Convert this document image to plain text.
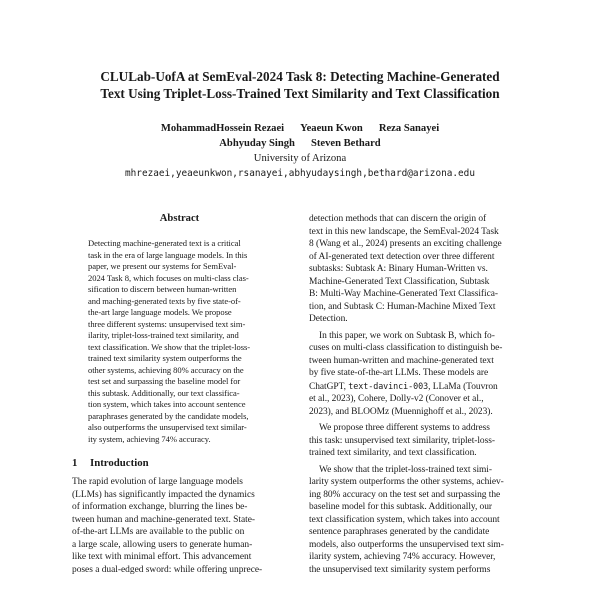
CLULab-UofA at SemEval-2024 Task 8: Detecting Machine-Generated
Text Using Triplet-Loss-Trained Text Similarity and Text Classification
MohammadHossein Rezaei Yeaeun Kwon Reza Sanayei
Abhyuday Singh Steven Bethard
University of Arizona
mhrezaei,yeaeunkwon,rsanayei,abhyudaysingh,bethard@arizona.edu
Abstract
Detecting machine-generated text is a critical
task in the era of large language models. In this
paper, we present our systems for SemEval-
2024 Task 8, which focuses on multi-class clas-
sification to discern between human-written
and maching-generated texts by five state-of-
the-art large language models. We propose
three different systems: unsupervised text sim-
ilarity, triplet-loss-trained text similarity, and
text classification. We show that the triplet-loss-
trained text similarity system outperforms the
other systems, achieving 80% accuracy on the
test set and surpassing the baseline model for
this subtask. Additionally, our text classifica-
tion system, which takes into account sentence
paraphrases generated by the candidate models,
also outperforms the unsupervised text similar-
ity system, achieving 74% accuracy.
1 Introduction
The rapid evolution of large language models
(LLMs) has significantly impacted the dynamics
of information exchange, blurring the lines be-
tween human and machine-generated text. State-
of-the-art LLMs are available to the public on
a large scale, allowing users to generate human-
like text with minimal effort. This advancement
poses a dual-edged sword: while offering unprece-
detection methods that can discern the origin of
text in this new landscape, the SemEval-2024 Task
8 (Wang et al., 2024) presents an exciting challenge
of AI-generated text detection over three different
subtasks: Subtask A: Binary Human-Written vs.
Machine-Generated Text Classification, Subtask
B: Multi-Way Machine-Generated Text Classifica-
tion, and Subtask C: Human-Machine Mixed Text
Detection.
In this paper, we work on Subtask B, which fo-
cuses on multi-class classification to distinguish be-
tween human-written and machine-generated text
by five state-of-the-art LLMs. These models are
ChatGPT, text-davinci-003, LLaMa (Touvron
et al., 2023), Cohere, Dolly-v2 (Conover et al.,
2023), and BLOOMz (Muennighoff et al., 2023).
We propose three different systems to address
this task: unsupervised text similarity, triplet-loss-
trained text similarity, and text classification.
We show that the triplet-loss-trained text simi-
larity system outperforms the other systems, achiev-
ing 80% accuracy on the test set and surpassing the
baseline model for this subtask. Additionally, our
text classification system, which takes into account
sentence paraphrases generated by the candidate
models, also outperforms the unsupervised text sim-
ilarity system, achieving 74% accuracy. However,
the unsupervised text similarity system performs
